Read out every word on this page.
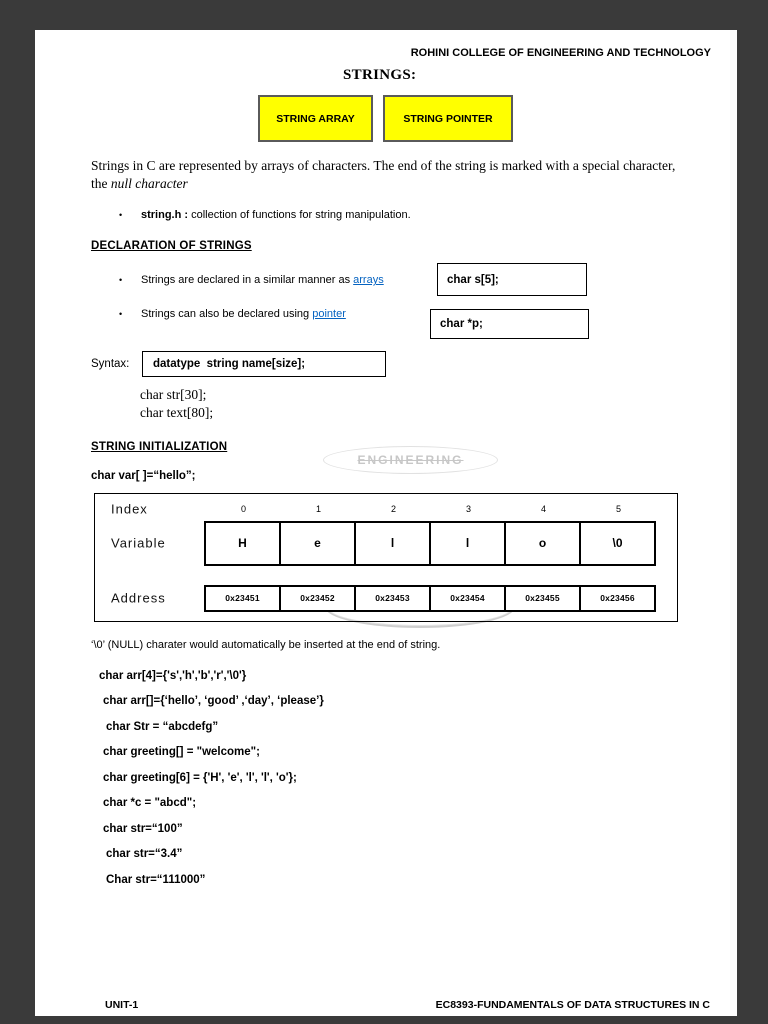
ENGINEERING
ROHINI COLLEGE OF ENGINEERING AND TECHNOLOGY
STRINGS:
STRING ARRAY	STRING POINTER

Strings in C are represented by arrays of characters. The end of the string is marked with a special character, the null character

•	string.h : collection of functions for string manipulation.
DECLARATION OF STRINGS
•	Strings are declared in a similar manner as arrays	char s[5];
•	Strings can also be declared using pointer
char *p;
Syntax:	datatype  string name[size];
char str[30];
char text[80];
STRING INITIALIZATION
char var[ ]=“hello”;
Index	0	1	2	3	4	5
Variable	H	e	l	l	o	\0
Address	0x23451	0x23452	0x23453	0x23454	0x23455	0x23456
‘\0’ (NULL) charater would automatically be inserted at the end of string.
char arr[4]={'s','h','b','r','\0'}
char arr[]={‘hello’, ‘good’ ,‘day’, ‘please’}
char Str = “abcdefg”
char greeting[] = "welcome";
char greeting[6] = {'H', 'e', 'l', 'l', 'o'};
char *c = "abcd";
char str=“100”
char str=“3.4”
Char str=“111000”
UNIT-1	EC8393-FUNDAMENTALS OF DATA STRUCTURES IN C
